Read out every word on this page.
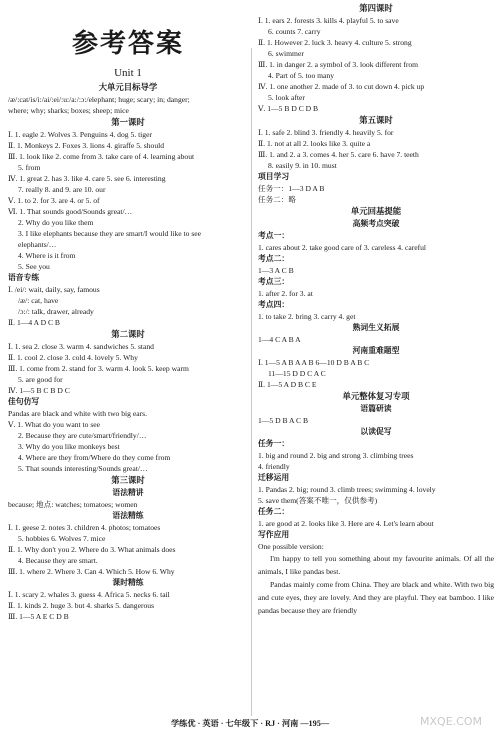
参考答案
Unit 1
大单元目标导学
/æ/:cat/is/i:/ai/:ei/:u:/a:/:ɔ:/elephant; huge; scary; in; danger;
where; why; sharks; boxes; sheep; mice
第一课时
Ⅰ. 1. eagle 2. Wolves 3. Penguins 4. dog 5. tiger
Ⅱ. 1. Monkeys 2. Foxes 3. lions 4. giraffe 5. should
Ⅲ. 1. look like 2. come from 3. take care of 4. learning about
5. from
Ⅳ. 1. great 2. has 3. like 4. care 5. see 6. interesting
7. really 8. and 9. are 10. our
Ⅴ. 1. to 2. for 3. are 4. or 5. of
Ⅵ. 1. That sounds good/Sounds great/…
2. Why do you like them
3. I like elephants because they are smart/I would like to see
elephants/…
4. Where is it from
5. See you
语音专练
Ⅰ. /ei/: wait, daily, say, famous
/æ/: cat, have
/ɔ:/: talk, drawer, already
Ⅱ. 1—4 A D C B
第二课时
Ⅰ. 1. sea 2. close 3. warm 4. sandwiches 5. stand
Ⅱ. 1. cool 2. close 3. cold 4. lovely 5. Why
Ⅲ. 1. come from 2. stand for 3. warm 4. look 5. keep warm
5. are good for
Ⅳ. 1—5 B C B D C
佳句仿写
Pandas are black and white with two big ears.
Ⅴ. 1. What do you want to see
2. Because they are cute/smart/friendly/…
3. Why do you like monkeys best
4. Where are they from/Where do they come from
5. That sounds interesting/Sounds great/…
第三课时
语法精讲
because; 地点: watches; tomatoes; women
语法精练
Ⅰ. 1. geese 2. notes 3. children 4. photos; tomatoes
5. hobbies 6. Wolves 7. mice
Ⅱ. 1. Why don't you 2. Where do 3. What animals does
4. Because they are smart.
Ⅲ. 1. where 2. Where 3. Can 4. Which 5. How 6. Why
课时精练
Ⅰ. 1. scary 2. whales 3. guess 4. Africa 5. necks 6. tail
Ⅱ. 1. kinds 2. huge 3. but 4. sharks 5. dangerous
Ⅲ. 1—5 A E C D B
第四课时
Ⅰ. 1. ears 2. forests 3. kills 4. playful 5. to save
6. counts 7. carry
Ⅱ. 1. However 2. luck 3. heavy 4. culture 5. strong
6. swimmer
Ⅲ. 1. in danger 2. a symbol of 3. look different from
4. Part of 5. too many
Ⅳ. 1. one another 2. made of 3. to cut down 4. pick up
5. look after
Ⅴ. 1—5 B D C D B
第五课时
Ⅰ. 1. safe 2. blind 3. friendly 4. heavily 5. for
Ⅱ. 1. not at all 2. looks like 3. quite a
Ⅲ. 1. and 2. a 3. comes 4. her 5. care 6. have 7. teeth
8. easily 9. in 10. must
项目学习
任务一：1—3 D A B
任务二：略
单元回基提能
高频考点突破
考点一：
1. cares about 2. take good care of 3. careless 4. careful
考点二：
1—3 A C B
考点三：
1. after 2. for 3. at
考点四：
1. to take 2. bring 3. carry 4. get
熟词生义拓展
1—4 C A B A
河南重难题型
Ⅰ. 1—5 A B A A B 6—10 D B A B C
11—15 D D C A C
Ⅱ. 1—5 A D B C E
单元整体复习专项
语篇研读
1—5 D B A C B
以读促写
任务一：
1. big and round 2. big and strong 3. climbing trees
4. friendly
迁移运用
1. Pandas 2. big; round 3. climb trees; swimming 4. lovely
5. save them(答案不唯一，仅供参考)
任务二：
1. are good at 2. looks like 3. Here are 4. Let's learn about
写作应用
One possible version:
I'm happy to tell you something about my favourite animals. Of all the animals, I like pandas best.
Pandas mainly come from China. They are black and white. With two big and cute eyes, they are lovely. And they are playful. They eat bamboo. I like pandas because they are friendly
学练优 · 英语 · 七年级下 · RJ · 河南 —195—	MXQE.COM
